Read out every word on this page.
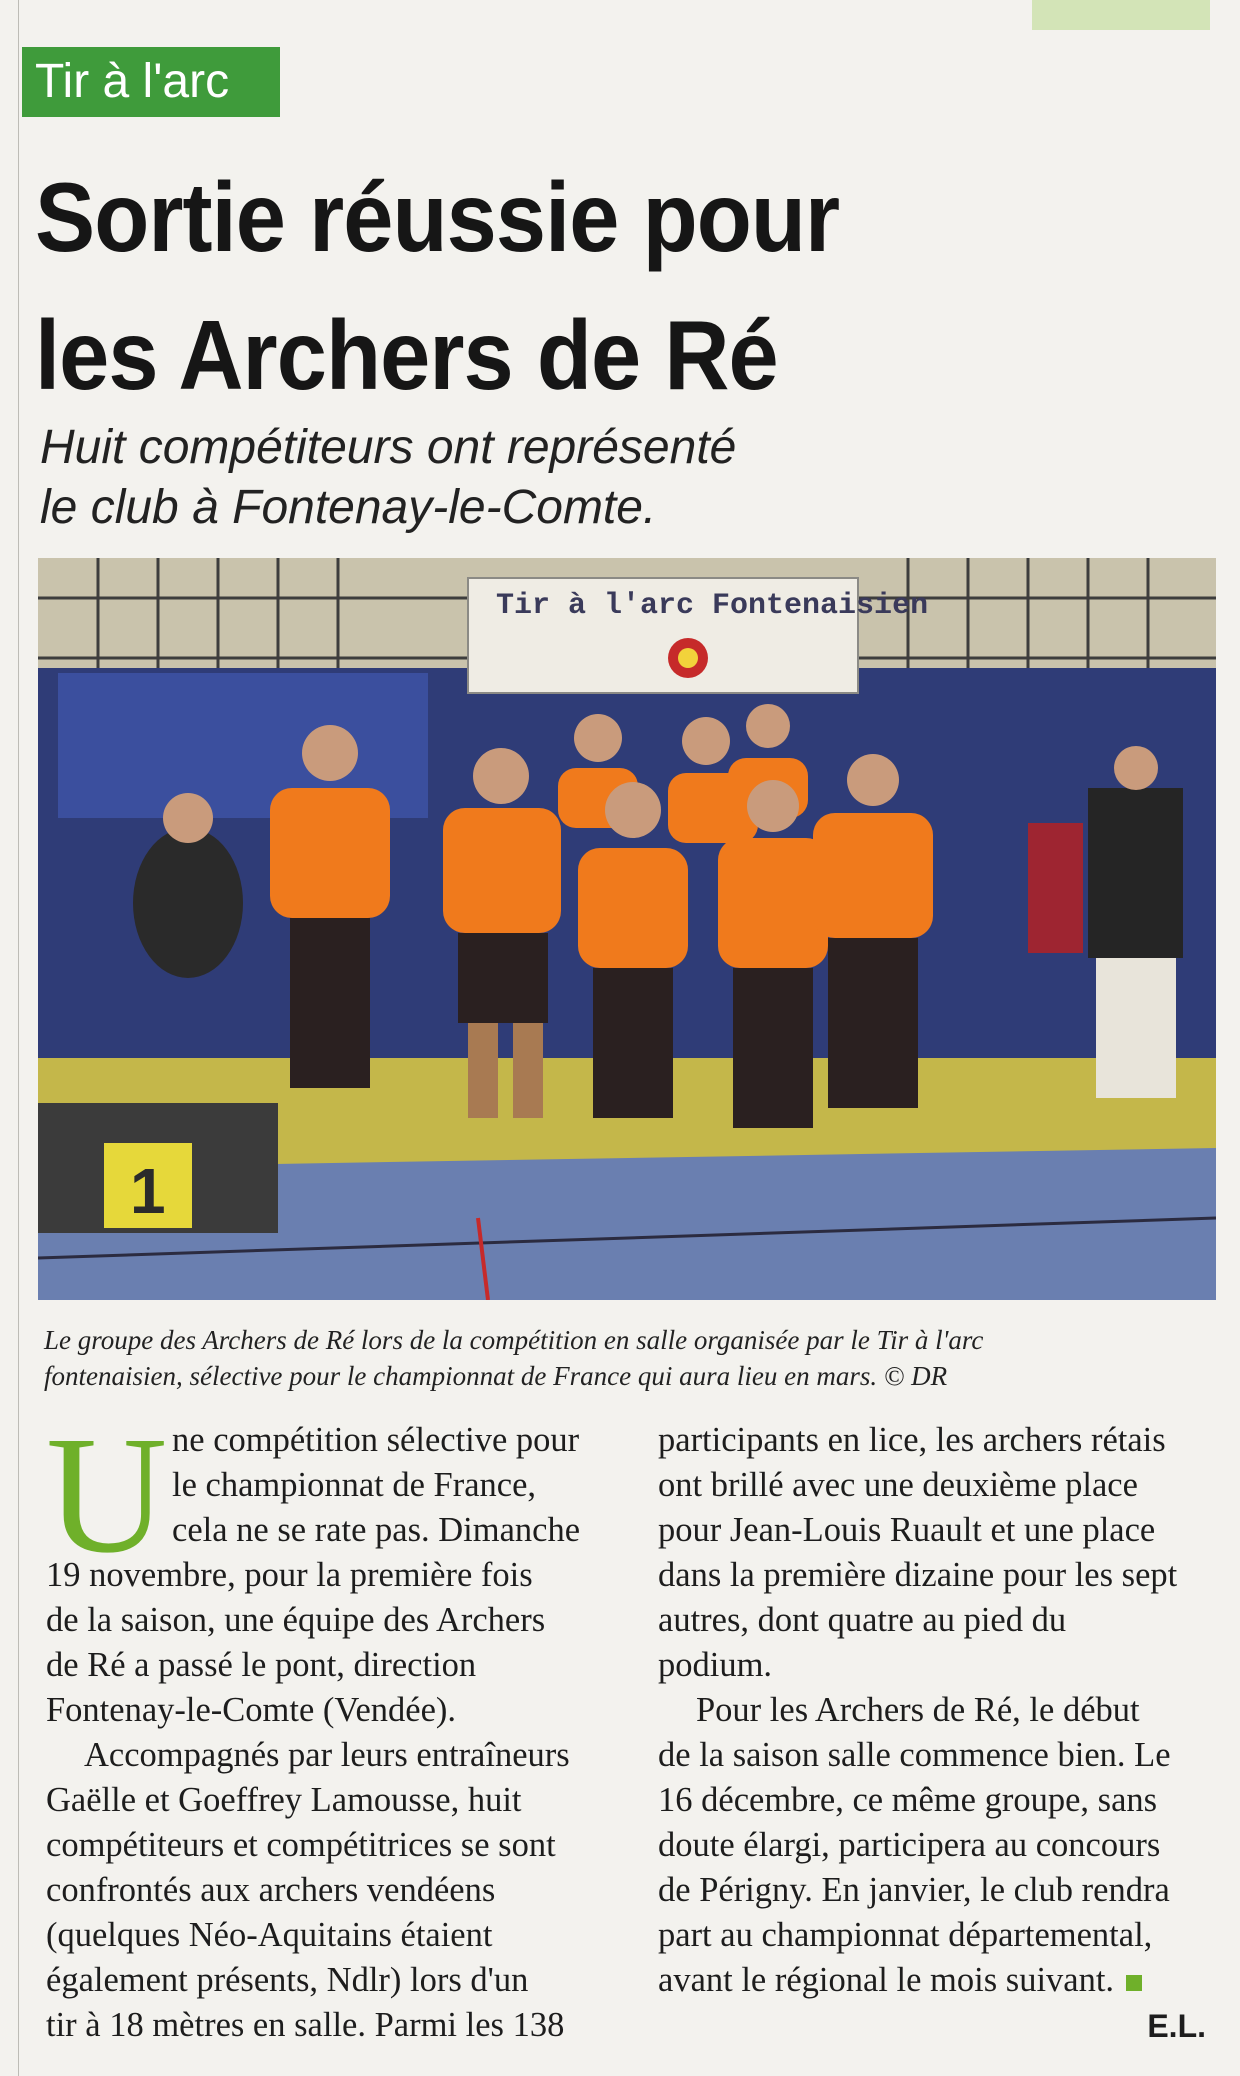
Tir à l'arc
Sortie réussie pour
les Archers de Ré
Huit compétiteurs ont représenté
le club à Fontenay-le-Comte.
Tir à l'arc Fontenaisien
1
Le groupe des Archers de Ré lors de la compétition en salle organisée par le Tir à l'arc
fontenaisien, sélective pour le championnat de France qui aura lieu en mars. © DR
U ne compétition sélective pour
le championnat de France,
cela ne se rate pas. Dimanche
19 novembre, pour la première fois
de la saison, une équipe des Archers
de Ré a passé le pont, direction
Fontenay-le-Comte (Vendée).
Accompagnés par leurs entraîneurs
Gaëlle et Goeffrey Lamousse, huit
compétiteurs et compétitrices se sont
confrontés aux archers vendéens
(quelques Néo-Aquitains étaient
également présents, Ndlr) lors d'un
tir à 18 mètres en salle. Parmi les 138
participants en lice, les archers rétais
ont brillé avec une deuxième place
pour Jean-Louis Ruault et une place
dans la première dizaine pour les sept
autres, dont quatre au pied du
podium.
Pour les Archers de Ré, le début
de la saison salle commence bien. Le
16 décembre, ce même groupe, sans
doute élargi, participera au concours
de Périgny. En janvier, le club rendra
part au championnat départemental,
avant le régional le mois suivant.
E.L.
